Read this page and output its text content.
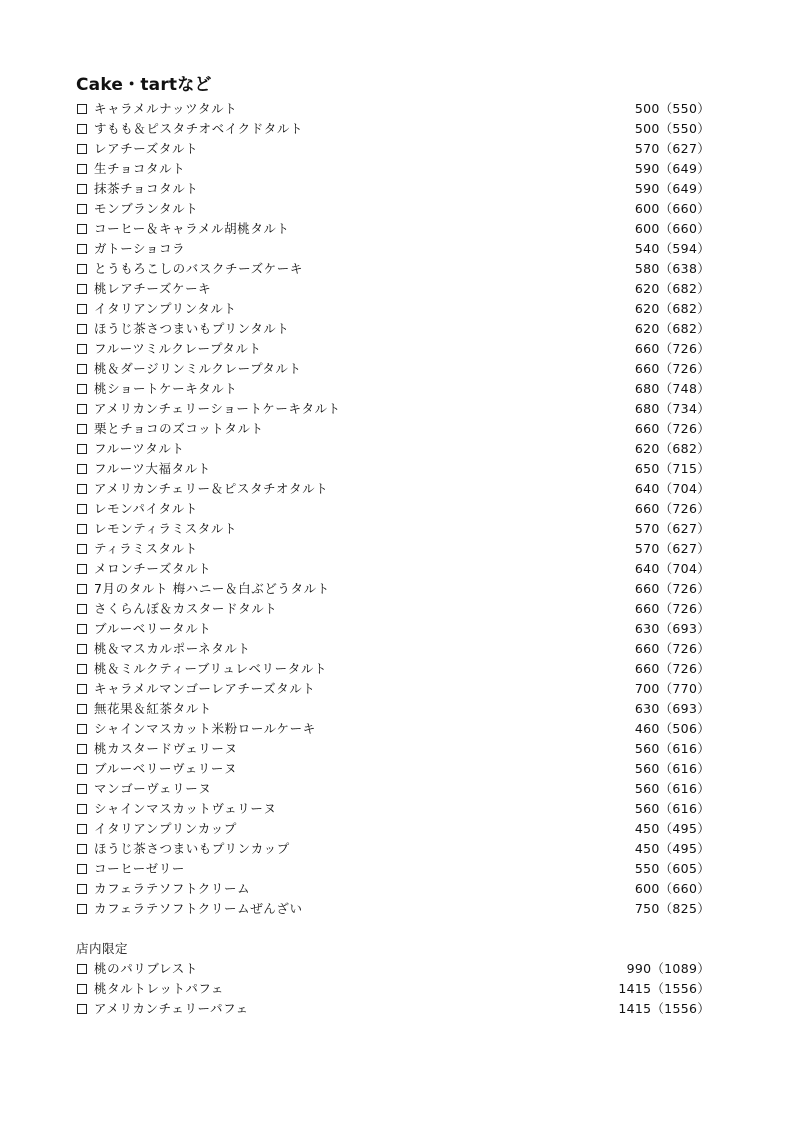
Cake・tartなど
キャラメルナッツタルト	500（550）
すもも＆ピスタチオベイクドタルト	500（550）
レアチーズタルト	570（627）
生チョコタルト	590（649）
抹茶チョコタルト	590（649）
モンブランタルト	600（660）
コーヒー＆キャラメル胡桃タルト	600（660）
ガトーショコラ	540（594）
とうもろこしのバスクチーズケーキ	580（638）
桃レアチーズケーキ	620（682）
イタリアンプリンタルト	620（682）
ほうじ茶さつまいもプリンタルト	620（682）
フルーツミルクレープタルト	660（726）
桃＆ダージリンミルクレープタルト	660（726）
桃ショートケーキタルト	680（748）
アメリカンチェリーショートケーキタルト	680（734）
栗とチョコのズコットタルト	660（726）
フルーツタルト	620（682）
フルーツ大福タルト	650（715）
アメリカンチェリー＆ピスタチオタルト	640（704）
レモンパイタルト	660（726）
レモンティラミスタルト	570（627）
ティラミスタルト	570（627）
メロンチーズタルト	640（704）
7月のタルト 梅ハニー＆白ぶどうタルト	660（726）
さくらんぼ＆カスタードタルト	660（726）
ブルーベリータルト	630（693）
桃＆マスカルポーネタルト	660（726）
桃＆ミルクティーブリュレベリータルト	660（726）
キャラメルマンゴーレアチーズタルト	700（770）
無花果＆紅茶タルト	630（693）
シャインマスカット米粉ロールケーキ	460（506）
桃カスタードヴェリーヌ	560（616）
ブルーベリーヴェリーヌ	560（616）
マンゴーヴェリーヌ	560（616）
シャインマスカットヴェリーヌ	560（616）
イタリアンプリンカップ	450（495）
ほうじ茶さつまいもプリンカップ	450（495）
コーヒーゼリー	550（605）
カフェラテソフトクリーム	600（660）
カフェラテソフトクリームぜんざい	750（825）
店内限定
桃のパリブレスト	990（1089）
桃タルトレットパフェ	1415（1556）
アメリカンチェリーパフェ	1415（1556）
